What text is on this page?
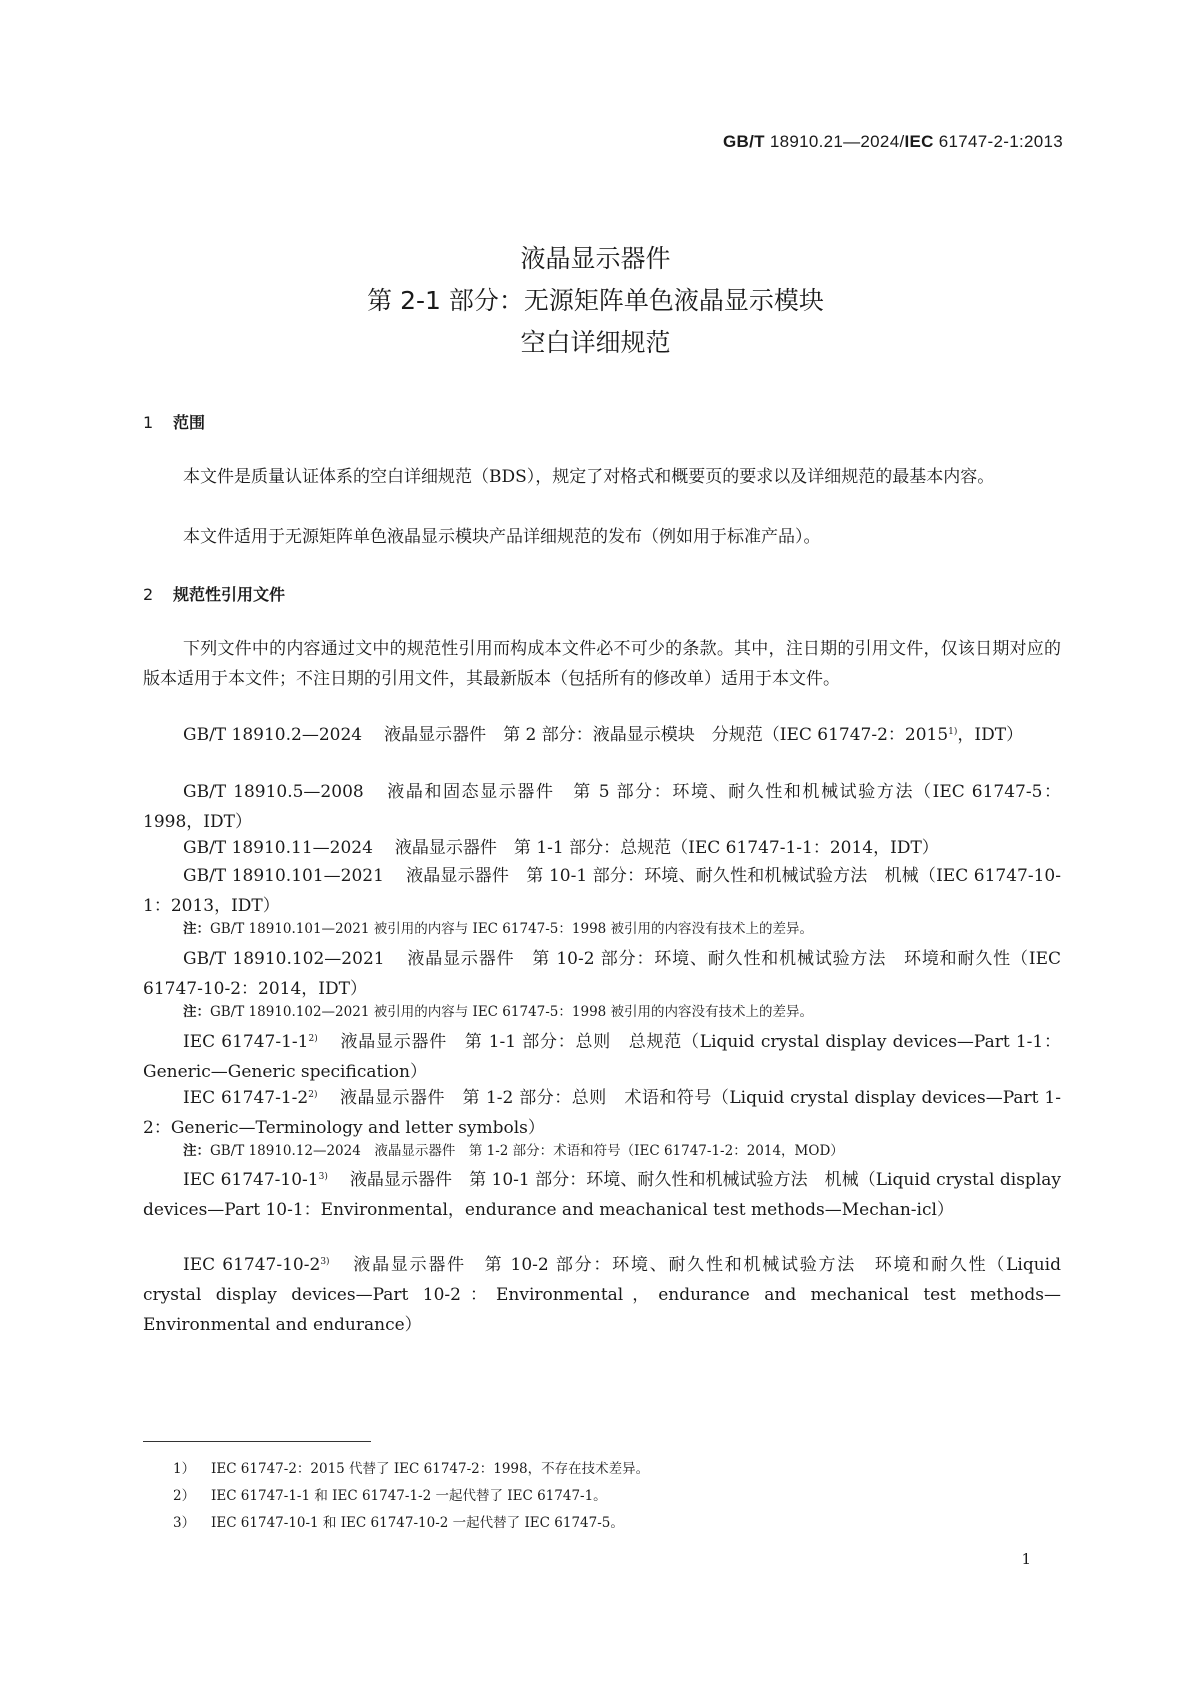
GB/T 18910.21—2024/IEC 61747-2-1:2013
液晶显示器件
第 2-1 部分：无源矩阵单色液晶显示模块
空白详细规范
1 范围
本文件是质量认证体系的空白详细规范（BDS），规定了对格式和概要页的要求以及详细规范的最基本内容。
本文件适用于无源矩阵单色液晶显示模块产品详细规范的发布（例如用于标准产品）。
2 规范性引用文件
下列文件中的内容通过文中的规范性引用而构成本文件必不可少的条款。其中，注日期的引用文件，仅该日期对应的版本适用于本文件；不注日期的引用文件，其最新版本（包括所有的修改单）适用于本文件。
GB/T 18910.2—2024 液晶显示器件　第 2 部分：液晶显示模块　分规范（IEC 61747-2：2015$^{1)}$，IDT）
GB/T 18910.5—2008 液晶和固态显示器件　第 5 部分：环境、耐久性和机械试验方法（IEC 61747-5：1998，IDT）
GB/T 18910.11—2024 液晶显示器件　第 1-1 部分：总规范（IEC 61747-1-1：2014，IDT）
GB/T 18910.101—2021 液晶显示器件　第 10-1 部分：环境、耐久性和机械试验方法　机械（IEC 61747-10-1：2013，IDT）
注：GB/T 18910.101—2021 被引用的内容与 IEC 61747-5：1998 被引用的内容没有技术上的差异。
GB/T 18910.102—2021 液晶显示器件　第 10-2 部分：环境、耐久性和机械试验方法　环境和耐久性（IEC 61747-10-2：2014，IDT）
注：GB/T 18910.102—2021 被引用的内容与 IEC 61747-5：1998 被引用的内容没有技术上的差异。
IEC 61747-1-1$^{2)}$ 液晶显示器件　第 1-1 部分：总则　总规范（Liquid crystal display devices—Part 1-1：Generic—Generic specification）
IEC 61747-1-2$^{2)}$ 液晶显示器件　第 1-2 部分：总则　术语和符号（Liquid crystal display devices—Part 1-2：Generic—Terminology and letter symbols）
注：GB/T 18910.12—2024　液晶显示器件　第 1-2 部分：术语和符号（IEC 61747-1-2：2014，MOD）
IEC 61747-10-1$^{3)}$ 液晶显示器件　第 10-1 部分：环境、耐久性和机械试验方法　机械（Liquid crystal display devices—Part 10-1：Environmental，endurance and meachanical test methods—Mechan-icl）
IEC 61747-10-2$^{3)}$ 液晶显示器件　第 10-2 部分：环境、耐久性和机械试验方法　环境和耐久性（Liquid crystal display devices—Part 10-2：Environmental，endurance and mechanical test methods—Environmental and endurance）
1） IEC 61747-2：2015 代替了 IEC 61747-2：1998，不存在技术差异。
2） IEC 61747-1-1 和 IEC 61747-1-2 一起代替了 IEC 61747-1。
3） IEC 61747-10-1 和 IEC 61747-10-2 一起代替了 IEC 61747-5。
1
